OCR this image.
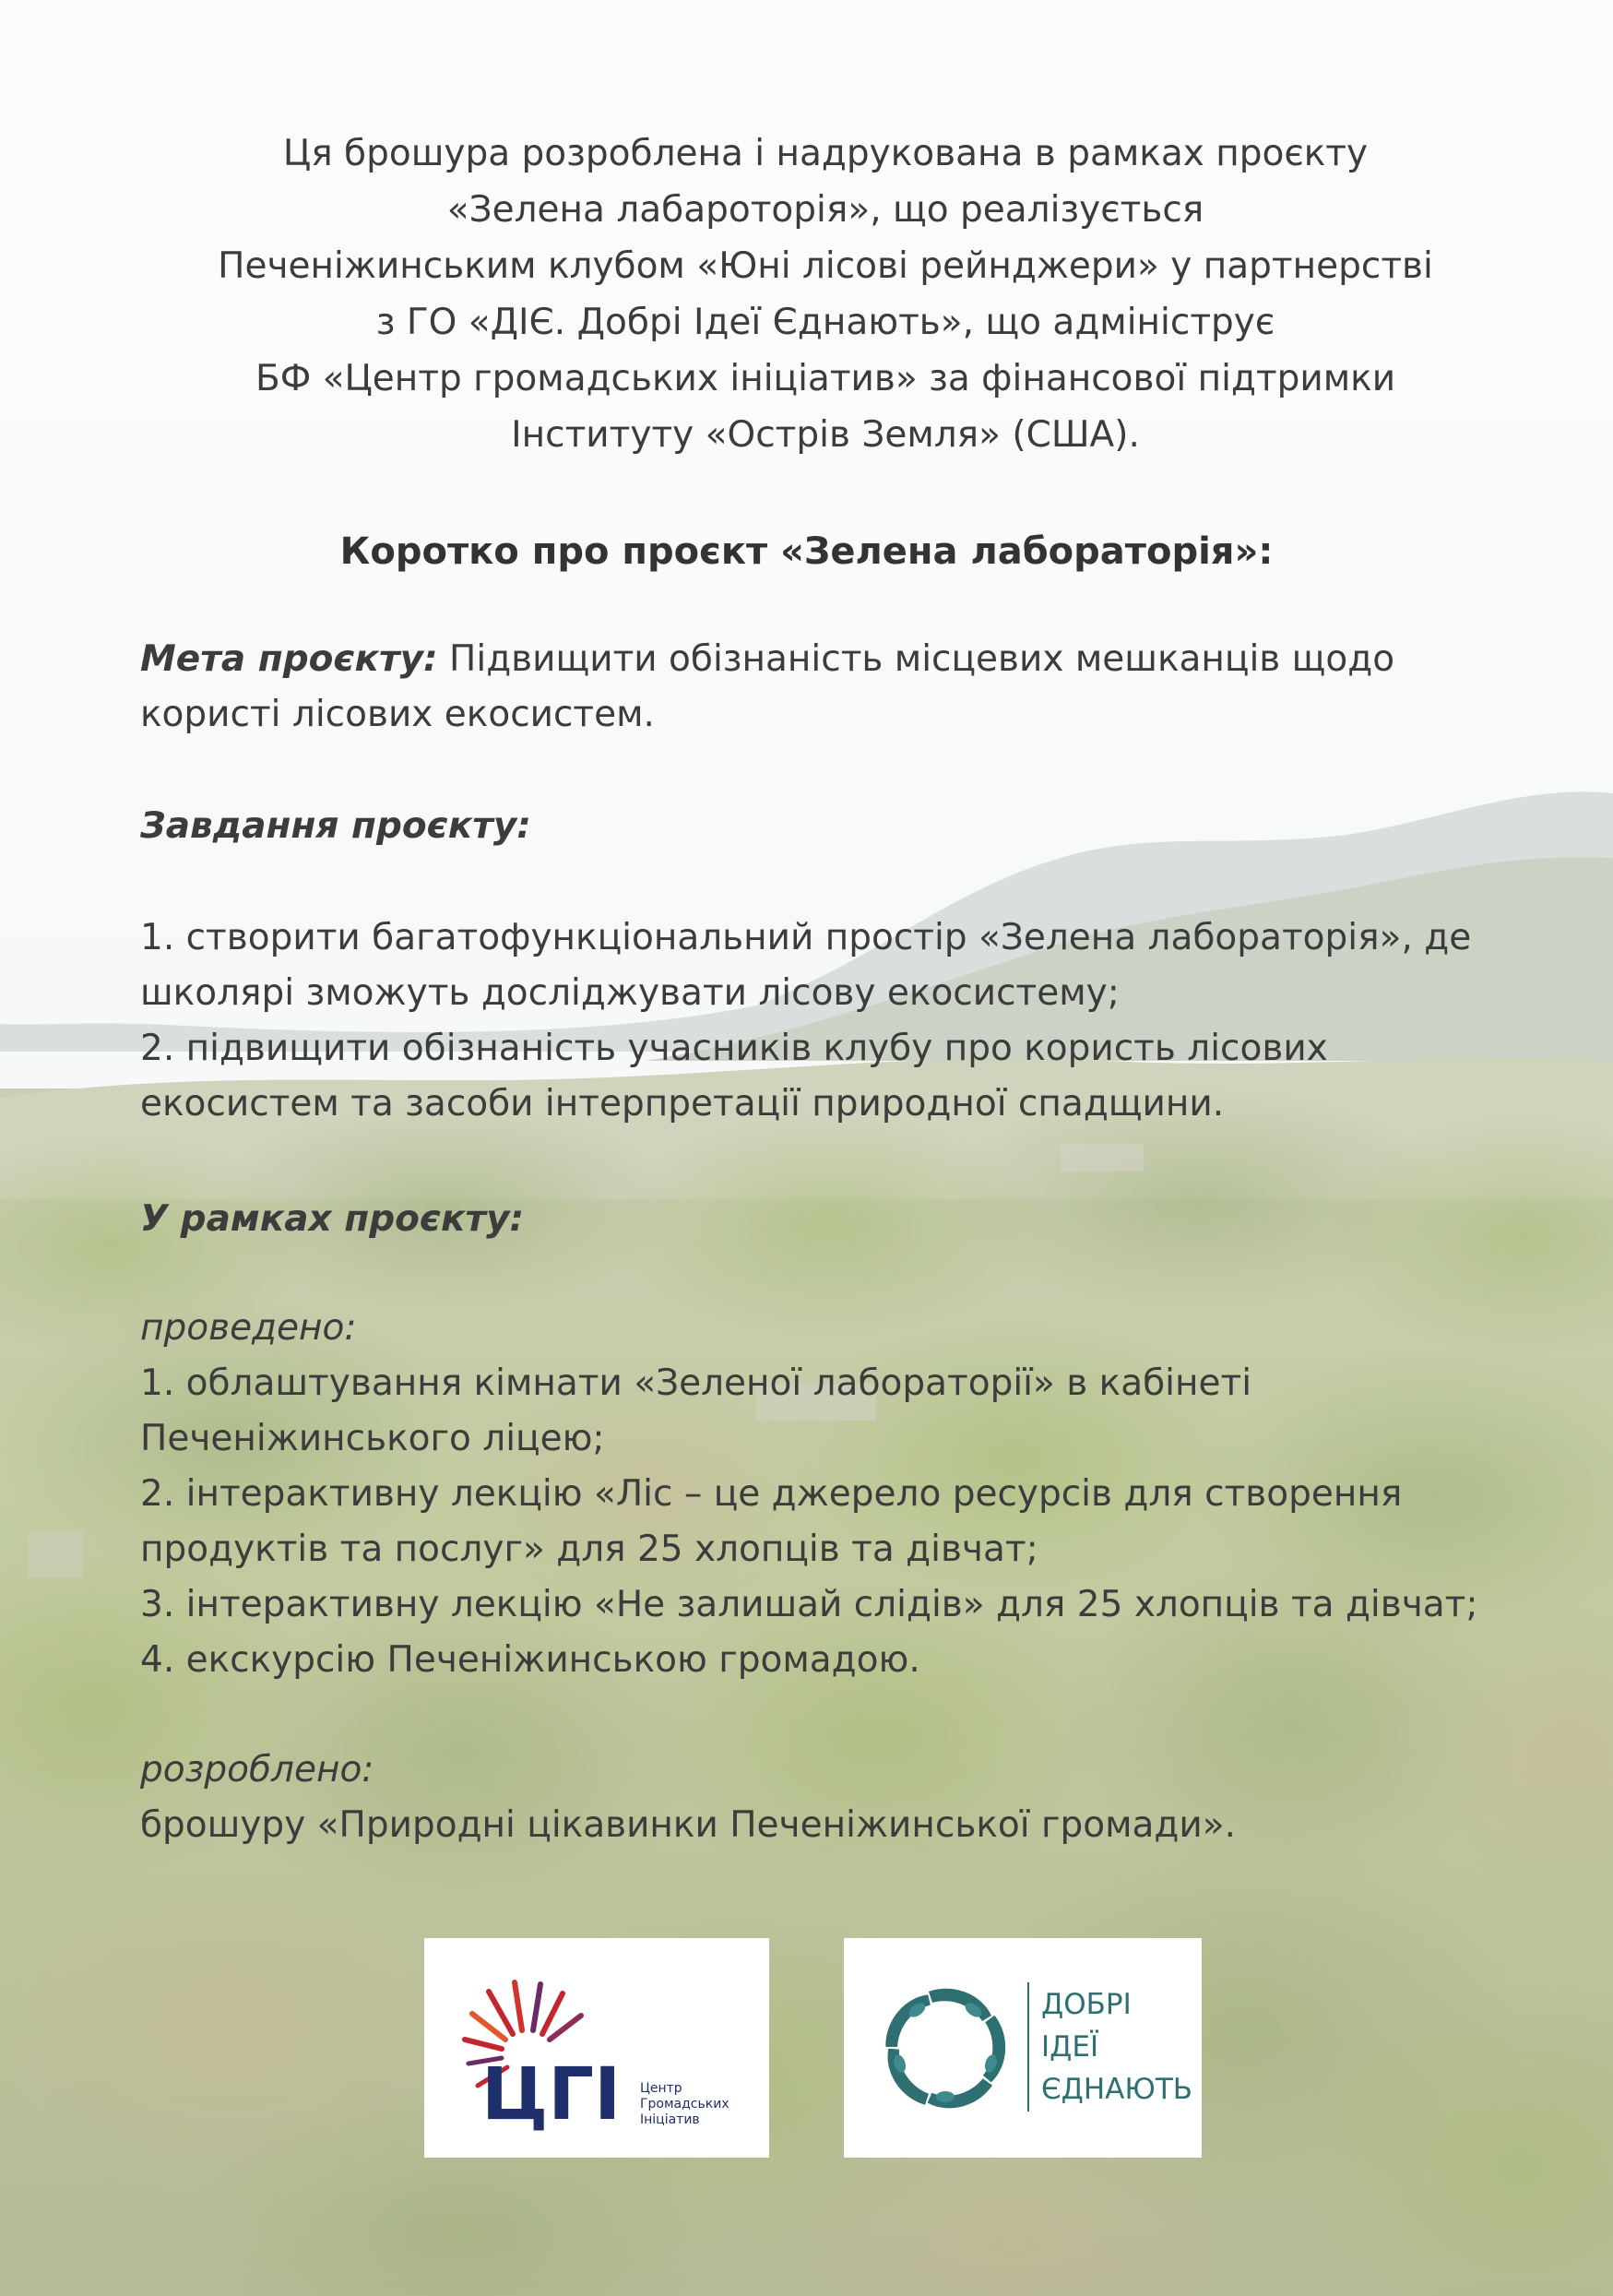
Ця брошура розроблена і надрукована в рамках проєкту
«Зелена лабароторія», що реалізується
Печеніжинським клубом «Юні лісові рейнджери» у партнерстві
з ГО «ДІЄ. Добрі Ідеї Єднають», що адмініструє
БФ «Центр громадських ініціатив» за фінансової підтримки
Інституту «Острів Земля» (США).

Коротко про проєкт «Зелена лабораторія»:

Мета проєкту: Підвищити обізнаність місцевих мешканців щодо
користі лісових екосистем.

Завдання проєкту:

1. створити багатофункціональний простір «Зелена лабораторія», де
школярі зможуть досліджувати лісову екосистему;
2. підвищити обізнаність учасників клубу про користь лісових
екосистем та засоби інтерпретації природної спадщини.

У рамках проєкту:

проведено:
1. облаштування кімнати «Зеленої лабораторії» в кабінеті
Печеніжинського ліцею;
2. інтерактивну лекцію «Ліс – це джерело ресурсів для створення
продуктів та послуг» для 25 хлопців та дівчат;
3. інтерактивну лекцію «Не залишай слідів» для 25 хлопців та дівчат;
4. екскурсію Печеніжинською громадою.

розроблено:
брошуру «Природні цікавинки Печеніжинської громади».

ЦГІ Центр
Громадських
Ініціатив
ДОБРІ
ІДЕЇ
ЄДНАЮТЬ
